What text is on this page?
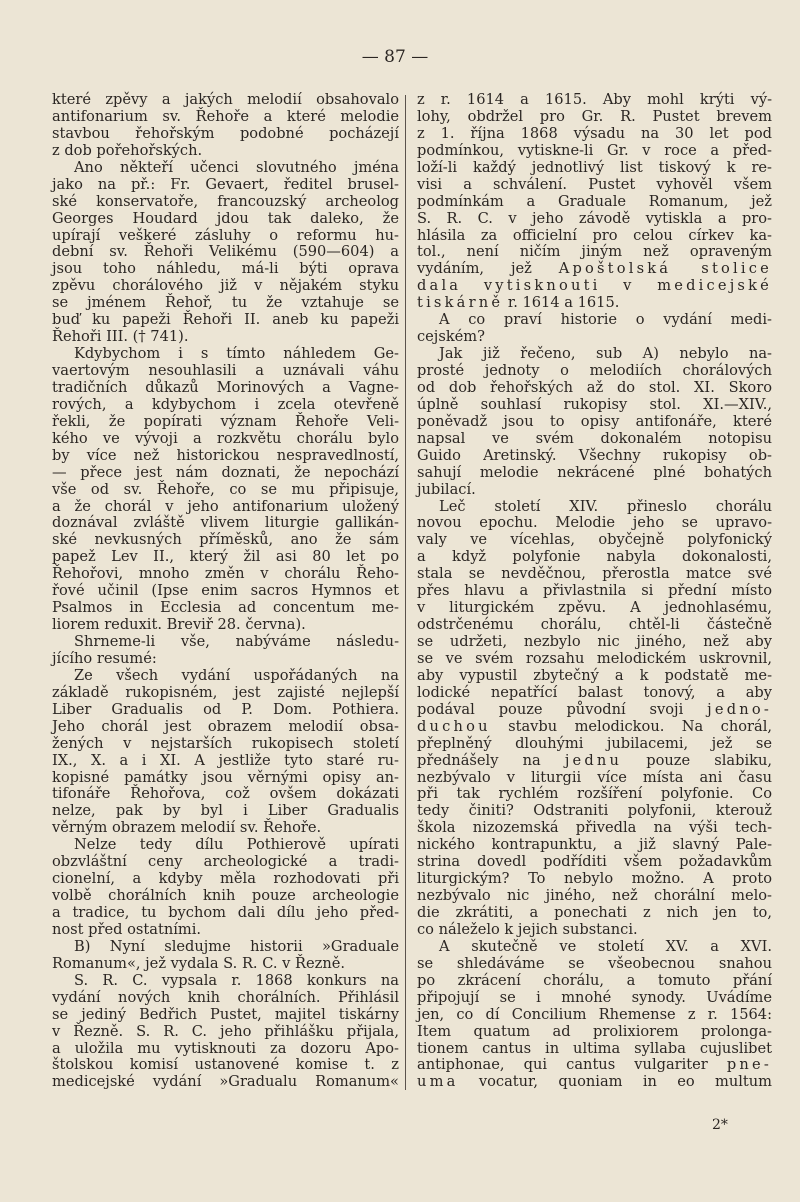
— 87 —
které zpěvy a jakých melodií obsahovalo
antifonarium sv. Řehoře a které melodie
stavbou řehořským podobné pocházejí
z dob pořehořských.
Ano někteří učenci slovutného jména
jako na př.: Fr. Gevaert, ředitel brusel-
ské konservatoře, francouzský archeolog
Georges Houdard jdou tak daleko, že
upírají veškeré zásluhy o reformu hu-
dební sv. Řehoři Velikému (590—604) a
jsou toho náhledu, má-li býti oprava
zpěvu chorálového již v nějakém styku
se jménem Řehoř, tu že vztahuje se
buď ku papeži Řehoři II. aneb ku papeži
Řehoři III. († 741).
Kdybychom i s tímto náhledem Ge-
vaertovým nesouhlasili a uznávali váhu
tradičních důkazů Morinových a Vagne-
rových, a kdybychom i zcela otevřeně
řekli, že popírati význam Řehoře Veli-
kého ve vývoji a rozkvětu chorálu bylo
by více než historickou nespravedlností,
— přece jest nám doznati, že nepochází
vše od sv. Řehoře, co se mu připisuje,
a že chorál v jeho antifonarium uložený
doznával zvláště vlivem liturgie gallikán-
ské nevkusných příměsků, ano že sám
papež Lev II., který žil asi 80 let po
Řehořovi, mnoho změn v chorálu Řeho-
řové učinil (Ipse enim sacros Hymnos et
Psalmos in Ecclesia ad concentum me-
liorem reduxit. Breviř 28. června).
Shrneme-li vše, nabýváme následu-
jícího resumé:
Ze všech vydání uspořádaných na
základě rukopisném, jest zajisté nejlepší
Liber Gradualis od P. Dom. Pothiera.
Jeho chorál jest obrazem melodií obsa-
žených v nejstarších rukopisech století
IX., X. a i XI. A jestliže tyto staré ru-
kopisné památky jsou věrnými opisy an-
tifonáře Řehořova, což ovšem dokázati
nelze, pak by byl i Liber Gradualis
věrným obrazem melodií sv. Řehoře.
Nelze tedy dílu Pothierově upírati
obzvláštní ceny archeologické a tradi-
cionelní, a kdyby měla rozhodovati při
volbě chorálních knih pouze archeologie
a tradice, tu bychom dali dílu jeho před-
nost před ostatními.
B) Nyní sledujme historii »Graduale
Romanum«, jež vydala S. R. C. v Řezně.
S. R. C. vypsala r. 1868 konkurs na
vydání nových knih chorálních. Přihlásil
se jediný Bedřich Pustet, majitel tiskárny
v Řezně. S. R. C. jeho přihlášku přijala,
a uložila mu vytisknouti za dozoru Apo-
štolskou komisí ustanovené komise t. z
medicejské vydání »Gradualu Romanum«
z r. 1614 a 1615. Aby mohl krýti vý-
lohy, obdržel pro Gr. R. Pustet brevem
z 1. října 1868 výsadu na 30 let pod
podmínkou, vytiskne-li Gr. v roce a před-
loží-li každý jednotlivý list tiskový k re-
visi a schválení. Pustet vyhověl všem
podmínkám a Graduale Romanum, jež
S. R. C. v jeho závodě vytiskla a pro-
hlásila za officielní pro celou církev ka-
tol., není ničím jiným než opraveným
vydáním, jež Apoštolská stolice
dala vytisknouti v medicejské
tiskárně r. 1614 a 1615.
A co praví historie o vydání medi-
cejském?
Jak již řečeno, sub A) nebylo na-
prosté jednoty o melodiích chorálových
od dob řehořských až do stol. XI. Skoro
úplně souhlasí rukopisy stol. XI.—XIV.,
poněvadž jsou to opisy antifonáře, které
napsal ve svém dokonalém notopisu
Guido Aretinský. Všechny rukopisy ob-
sahují melodie nekrácené plné bohatých
jubilací.
Leč století XIV. přineslo chorálu
novou epochu. Melodie jeho se upravo-
valy ve vícehlas, obyčejně polyfonický
a když polyfonie nabyla dokonalosti,
stala se nevděčnou, přerostla matce své
přes hlavu a přivlastnila si přední místo
v liturgickém zpěvu. A jednohlasému,
odstrčenému chorálu, chtěl-li částečně
se udržeti, nezbylo nic jiného, než aby
se ve svém rozsahu melodickém uskrovnil,
aby vypustil zbytečný a k podstatě me-
lodické nepatřící balast tonový, a aby
podával pouze původní svoji jedno-
duchou stavbu melodickou. Na chorál,
přeplněný dlouhými jubilacemi, jež se
přednášely na jednu pouze slabiku,
nezbývalo v liturgii více místa ani času
při tak rychlém rozšíření polyfonie. Co
tedy činiti? Odstraniti polyfonii, kterouž
škola nizozemská přivedla na výši tech-
nického kontrapunktu, a již slavný Pale-
strina dovedl podříditi všem požadavkům
liturgickým? To nebylo možno. A proto
nezbývalo nic jiného, než chorální melo-
die zkrátiti, a ponechati z nich jen to,
co náleželo k jejich substanci.
A skutečně ve století XV. a XVI.
se shledáváme se všeobecnou snahou
po zkrácení chorálu, a tomuto přání
připojují se i mnohé synody. Uvádíme
jen, co dí Concilium Rhemense z r. 1564:
Item quatum ad prolixiorem prolonga-
tionem cantus in ultima syllaba cujuslibet
antiphonae, qui cantus vulgariter pne-
uma vocatur, quoniam in eo multum
2*
